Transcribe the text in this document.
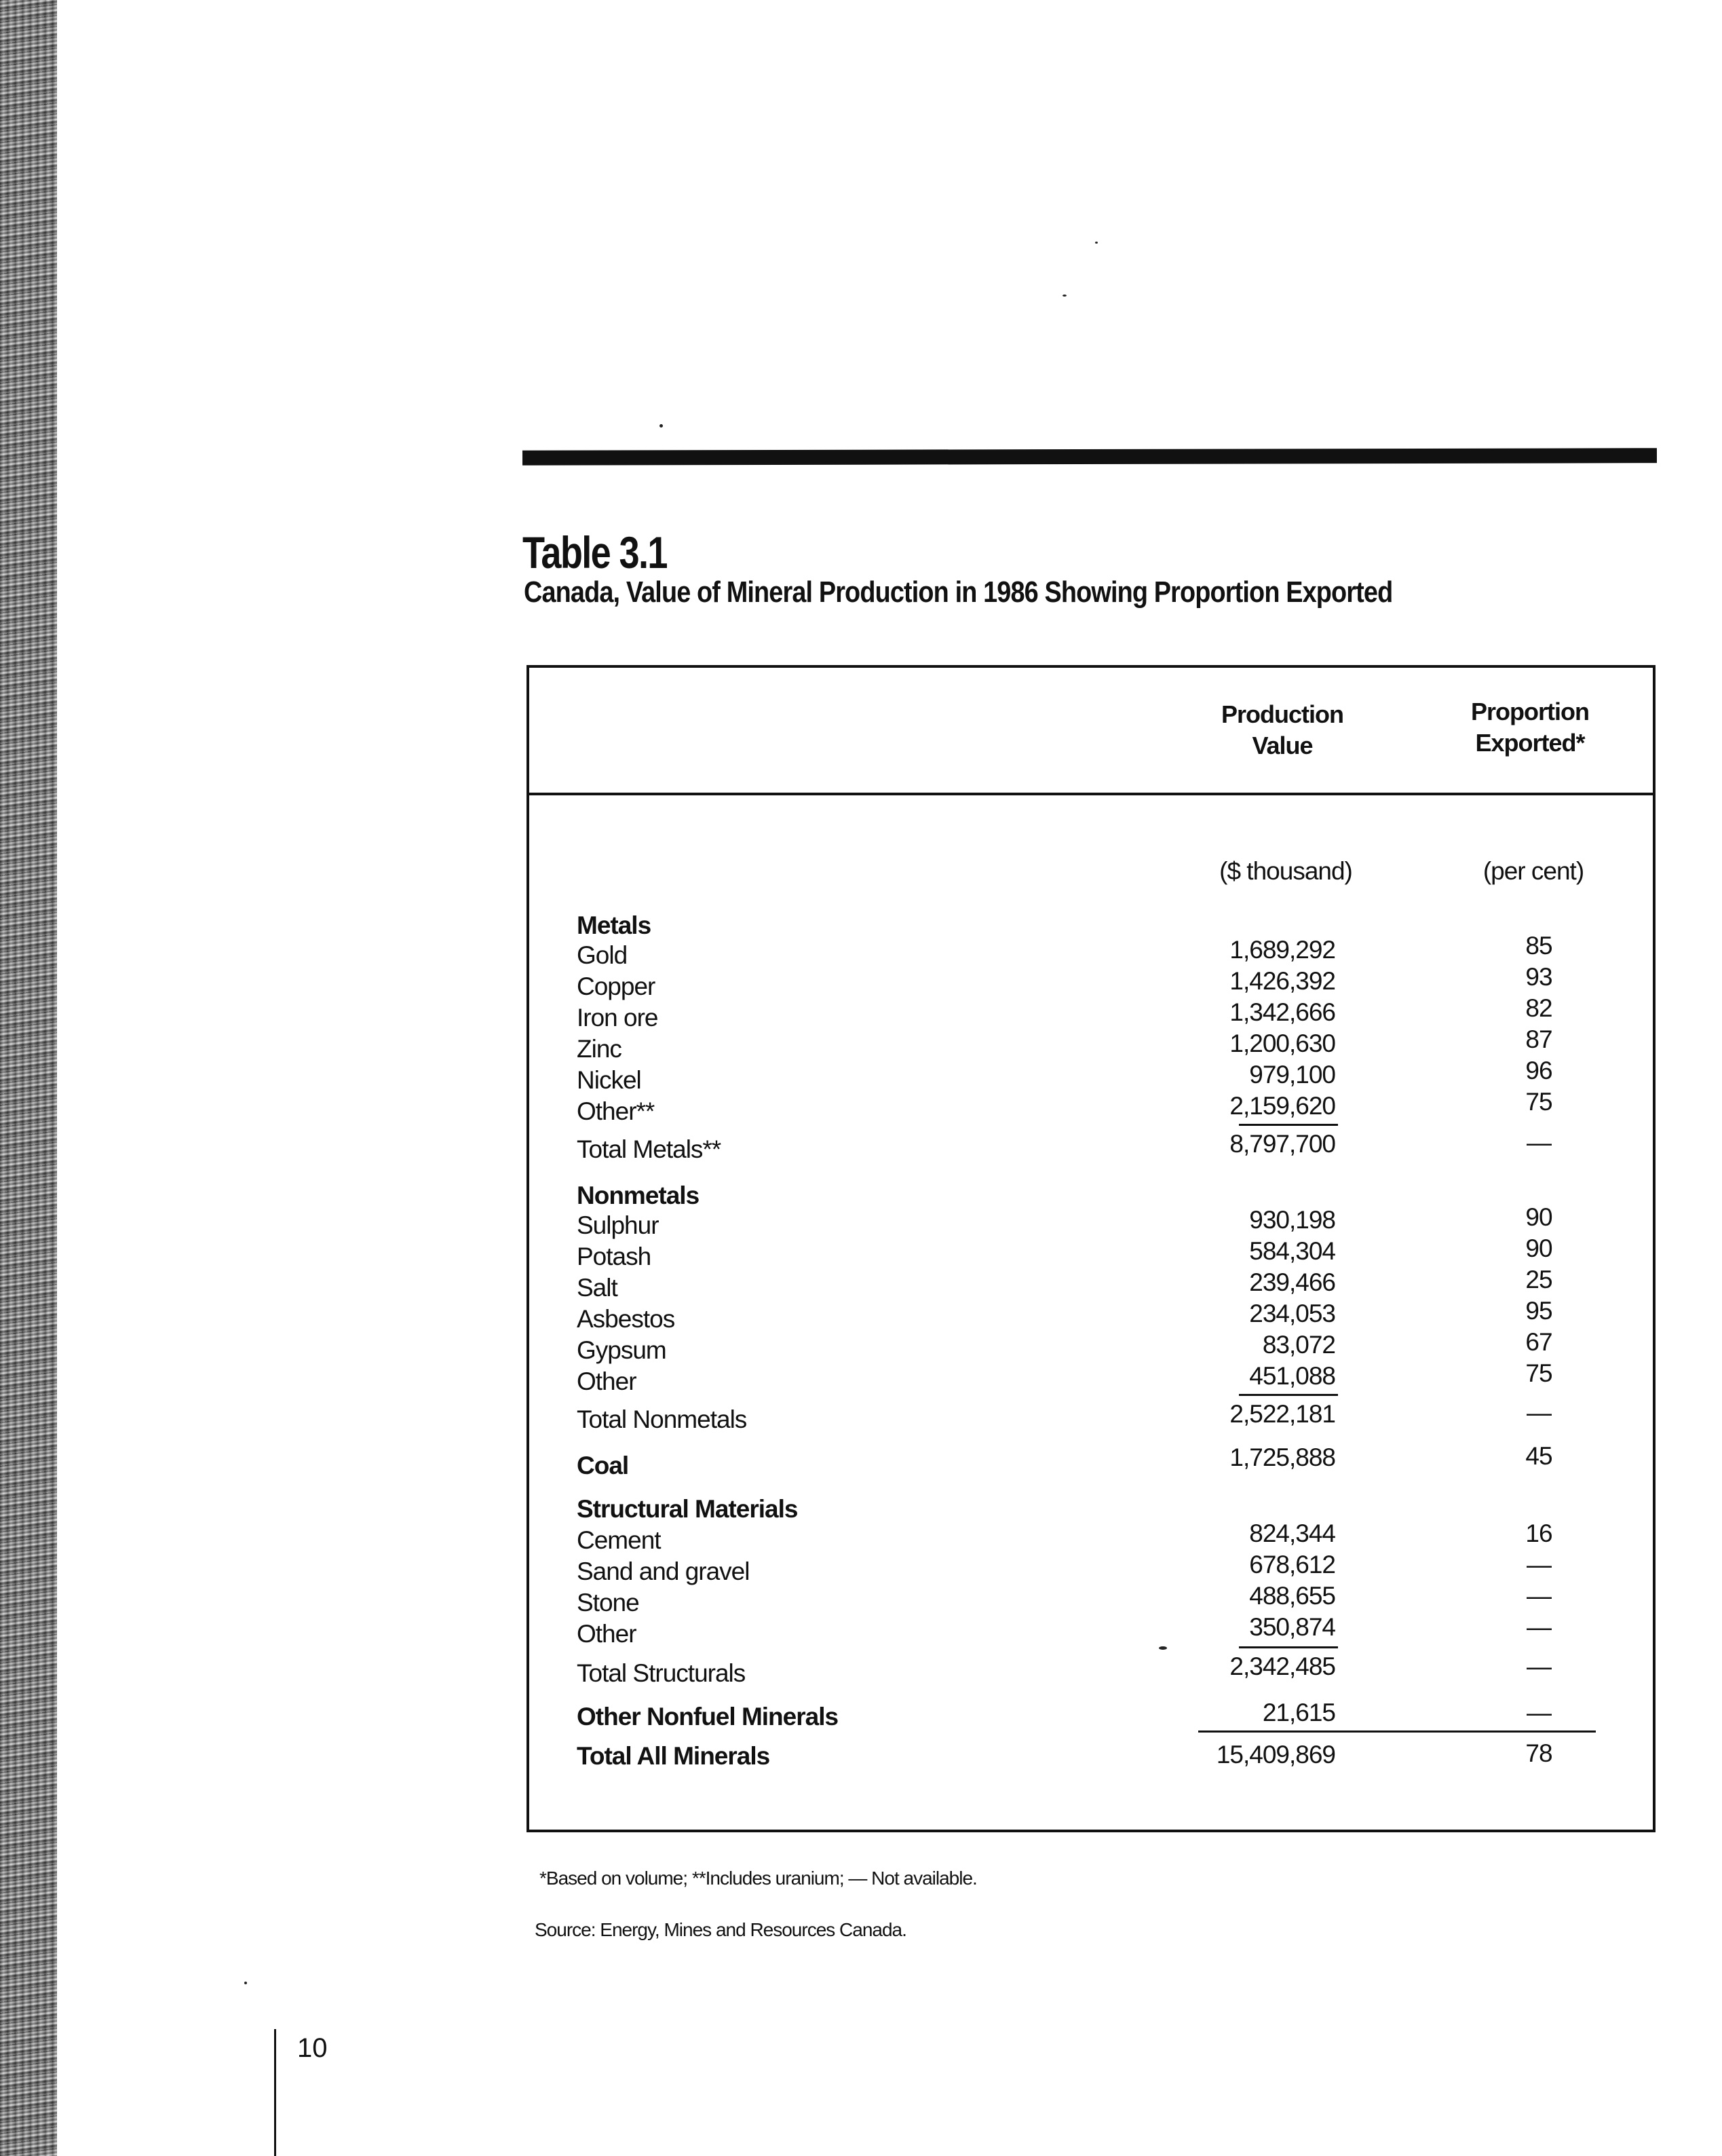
Table 3.1
Canada, Value of Mineral Production in 1986 Showing Proportion Exported
Production
Value
Proportion
Exported*
($ thousand)	(per cent)
Metals
Gold	1,689,292	85
Copper	1,426,392	93
Iron ore	1,342,666	82
Zinc	1,200,630	87
Nickel	979,100	96
Other**	2,159,620	75
Total Metals**	8,797,700	—
Nonmetals
Sulphur	930,198	90
Potash	584,304	90
Salt	239,466	25
Asbestos	234,053	95
Gypsum	83,072	67
Other	451,088	75
Total Nonmetals	2,522,181	—
Coal	1,725,888	45
Structural Materials
Cement	824,344	16
Sand and gravel	678,612	—
Stone	488,655	—
Other	350,874	—
Total Structurals	2,342,485	—
Other Nonfuel Minerals	21,615	—
Total All Minerals	15,409,869	78
*Based on volume; **Includes uranium; — Not available.
Source: Energy, Mines and Resources Canada.
10
